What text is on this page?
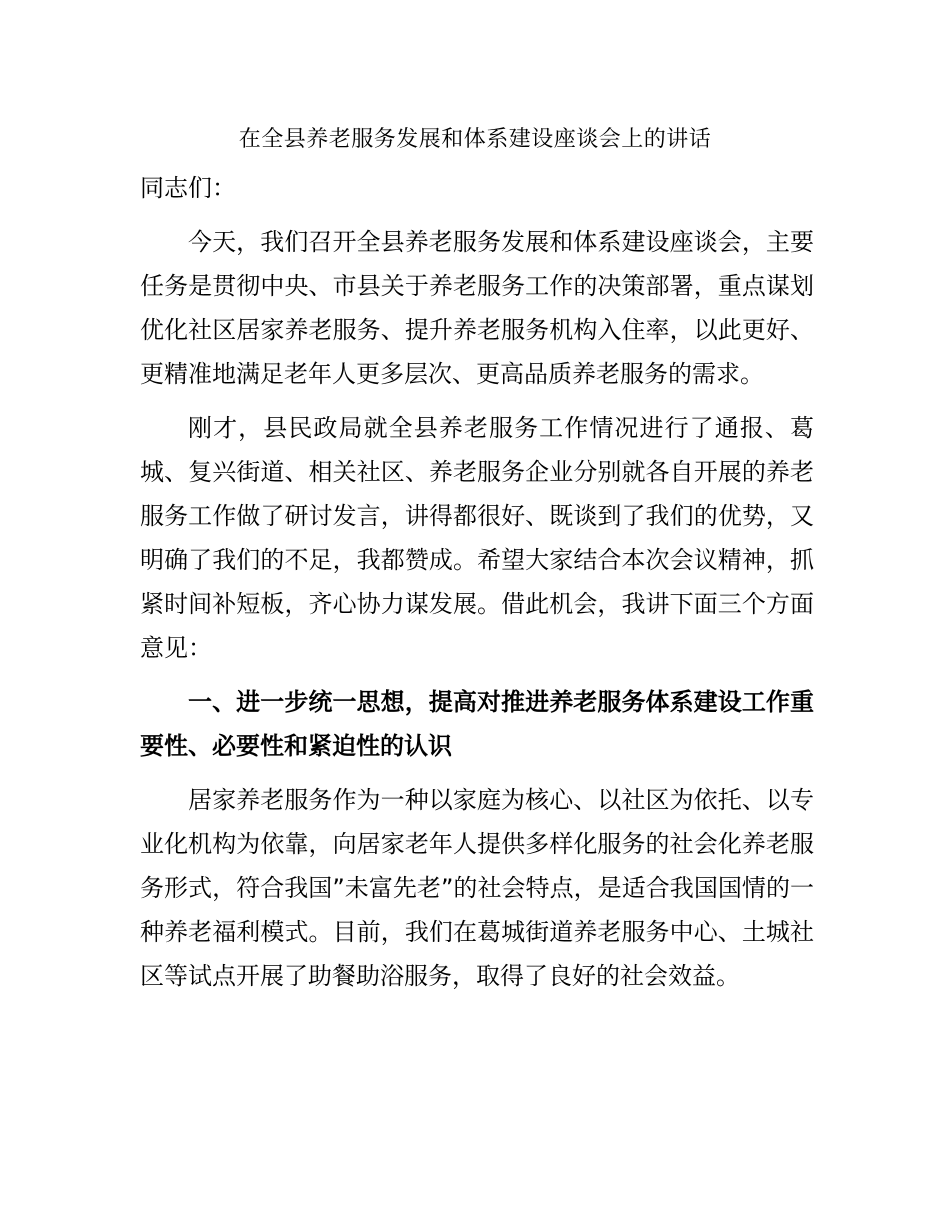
在全县养老服务发展和体系建设座谈会上的讲话
同志们：

今天，我们召开全县养老服务发展和体系建设座谈会，主要任务是贯彻中央、市县关于养老服务工作的决策部署，重点谋划优化社区居家养老服务、提升养老服务机构入住率，以此更好、更精准地满足老年人更多层次、更高品质养老服务的需求。

刚才，县民政局就全县养老服务工作情况进行了通报、葛城、复兴街道、相关社区、养老服务企业分别就各自开展的养老服务工作做了研讨发言，讲得都很好、既谈到了我们的优势，又明确了我们的不足，我都赞成。希望大家结合本次会议精神，抓紧时间补短板，齐心协力谋发展。借此机会，我讲下面三个方面意见：

一、进一步统一思想，提高对推进养老服务体系建设工作重要性、必要性和紧迫性的认识

居家养老服务作为一种以家庭为核心、以社区为依托、以专业化机构为依靠，向居家老年人提供多样化服务的社会化养老服务形式，符合我国”未富先老”的社会特点，是适合我国国情的一种养老福利模式。目前，我们在葛城街道养老服务中心、土城社区等试点开展了助餐助浴服务，取得了良好的社会效益。
